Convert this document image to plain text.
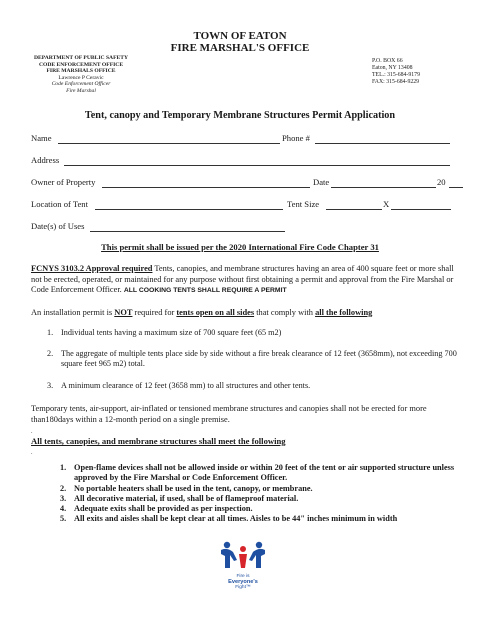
TOWN OF EATON
FIRE MARSHAL'S OFFICE
DEPARTMENT OF PUBLIC SAFETY
CODE ENFORCEMENT OFFICE
FIRE MARSHALS OFFICE
Lawrence P Ceravic
Code Enforcement Officer
Fire Marshal
P.O. BOX 66
Eaton, NY 13408
TEL.: 315-684-9179
FAX: 315-684-9229
Tent, canopy and Temporary Membrane Structures Permit Application
Name	Phone #
Address
Owner of Property	Date	20
Location of Tent	Tent Size	X
Date(s) of Uses
This permit shall be issued per the 2020 International Fire Code Chapter 31
FCNYS 3103.2 Approval required Tents, canopies, and membrane structures having an area of 400 square feet or more shall not be erected, operated, or maintained for any purpose without first obtaining a permit and approval from the Fire Marshal or Code Enforcement Officer. ALL COOKING TENTS SHALL REQUIRE A PERMIT
An installation permit is NOT required for tents open on all sides that comply with all the following
1. Individual tents having a maximum size of 700 square feet (65 m2)
2. The aggregate of multiple tents place side by side without a fire break clearance of 12 feet (3658mm), not exceeding 700 square feet 965 m2) total.
3. A minimum clearance of 12 feet (3658 mm) to all structures and other tents.
Temporary tents, air-support, air-inflated or tensioned membrane structures and canopies shall not be erected for more than180days within a 12-month period on a single premise.
.
All tents, canopies, and membrane structures shall meet the following
.
1. Open-flame devices shall not be allowed inside or within 20 feet of the tent or air supported structure unless approved by the Fire Marshal or Code Enforcement Officer.
2. No portable heaters shall be used in the tent, canopy, or membrane.
3. All decorative material, if used, shall be of flameproof material.
4. Adequate exits shall be provided as per inspection.
5. All exits and aisles shall be kept clear at all times. Aisles to be 44" inches minimum in width
Fire is
Everyone's
Fight™
